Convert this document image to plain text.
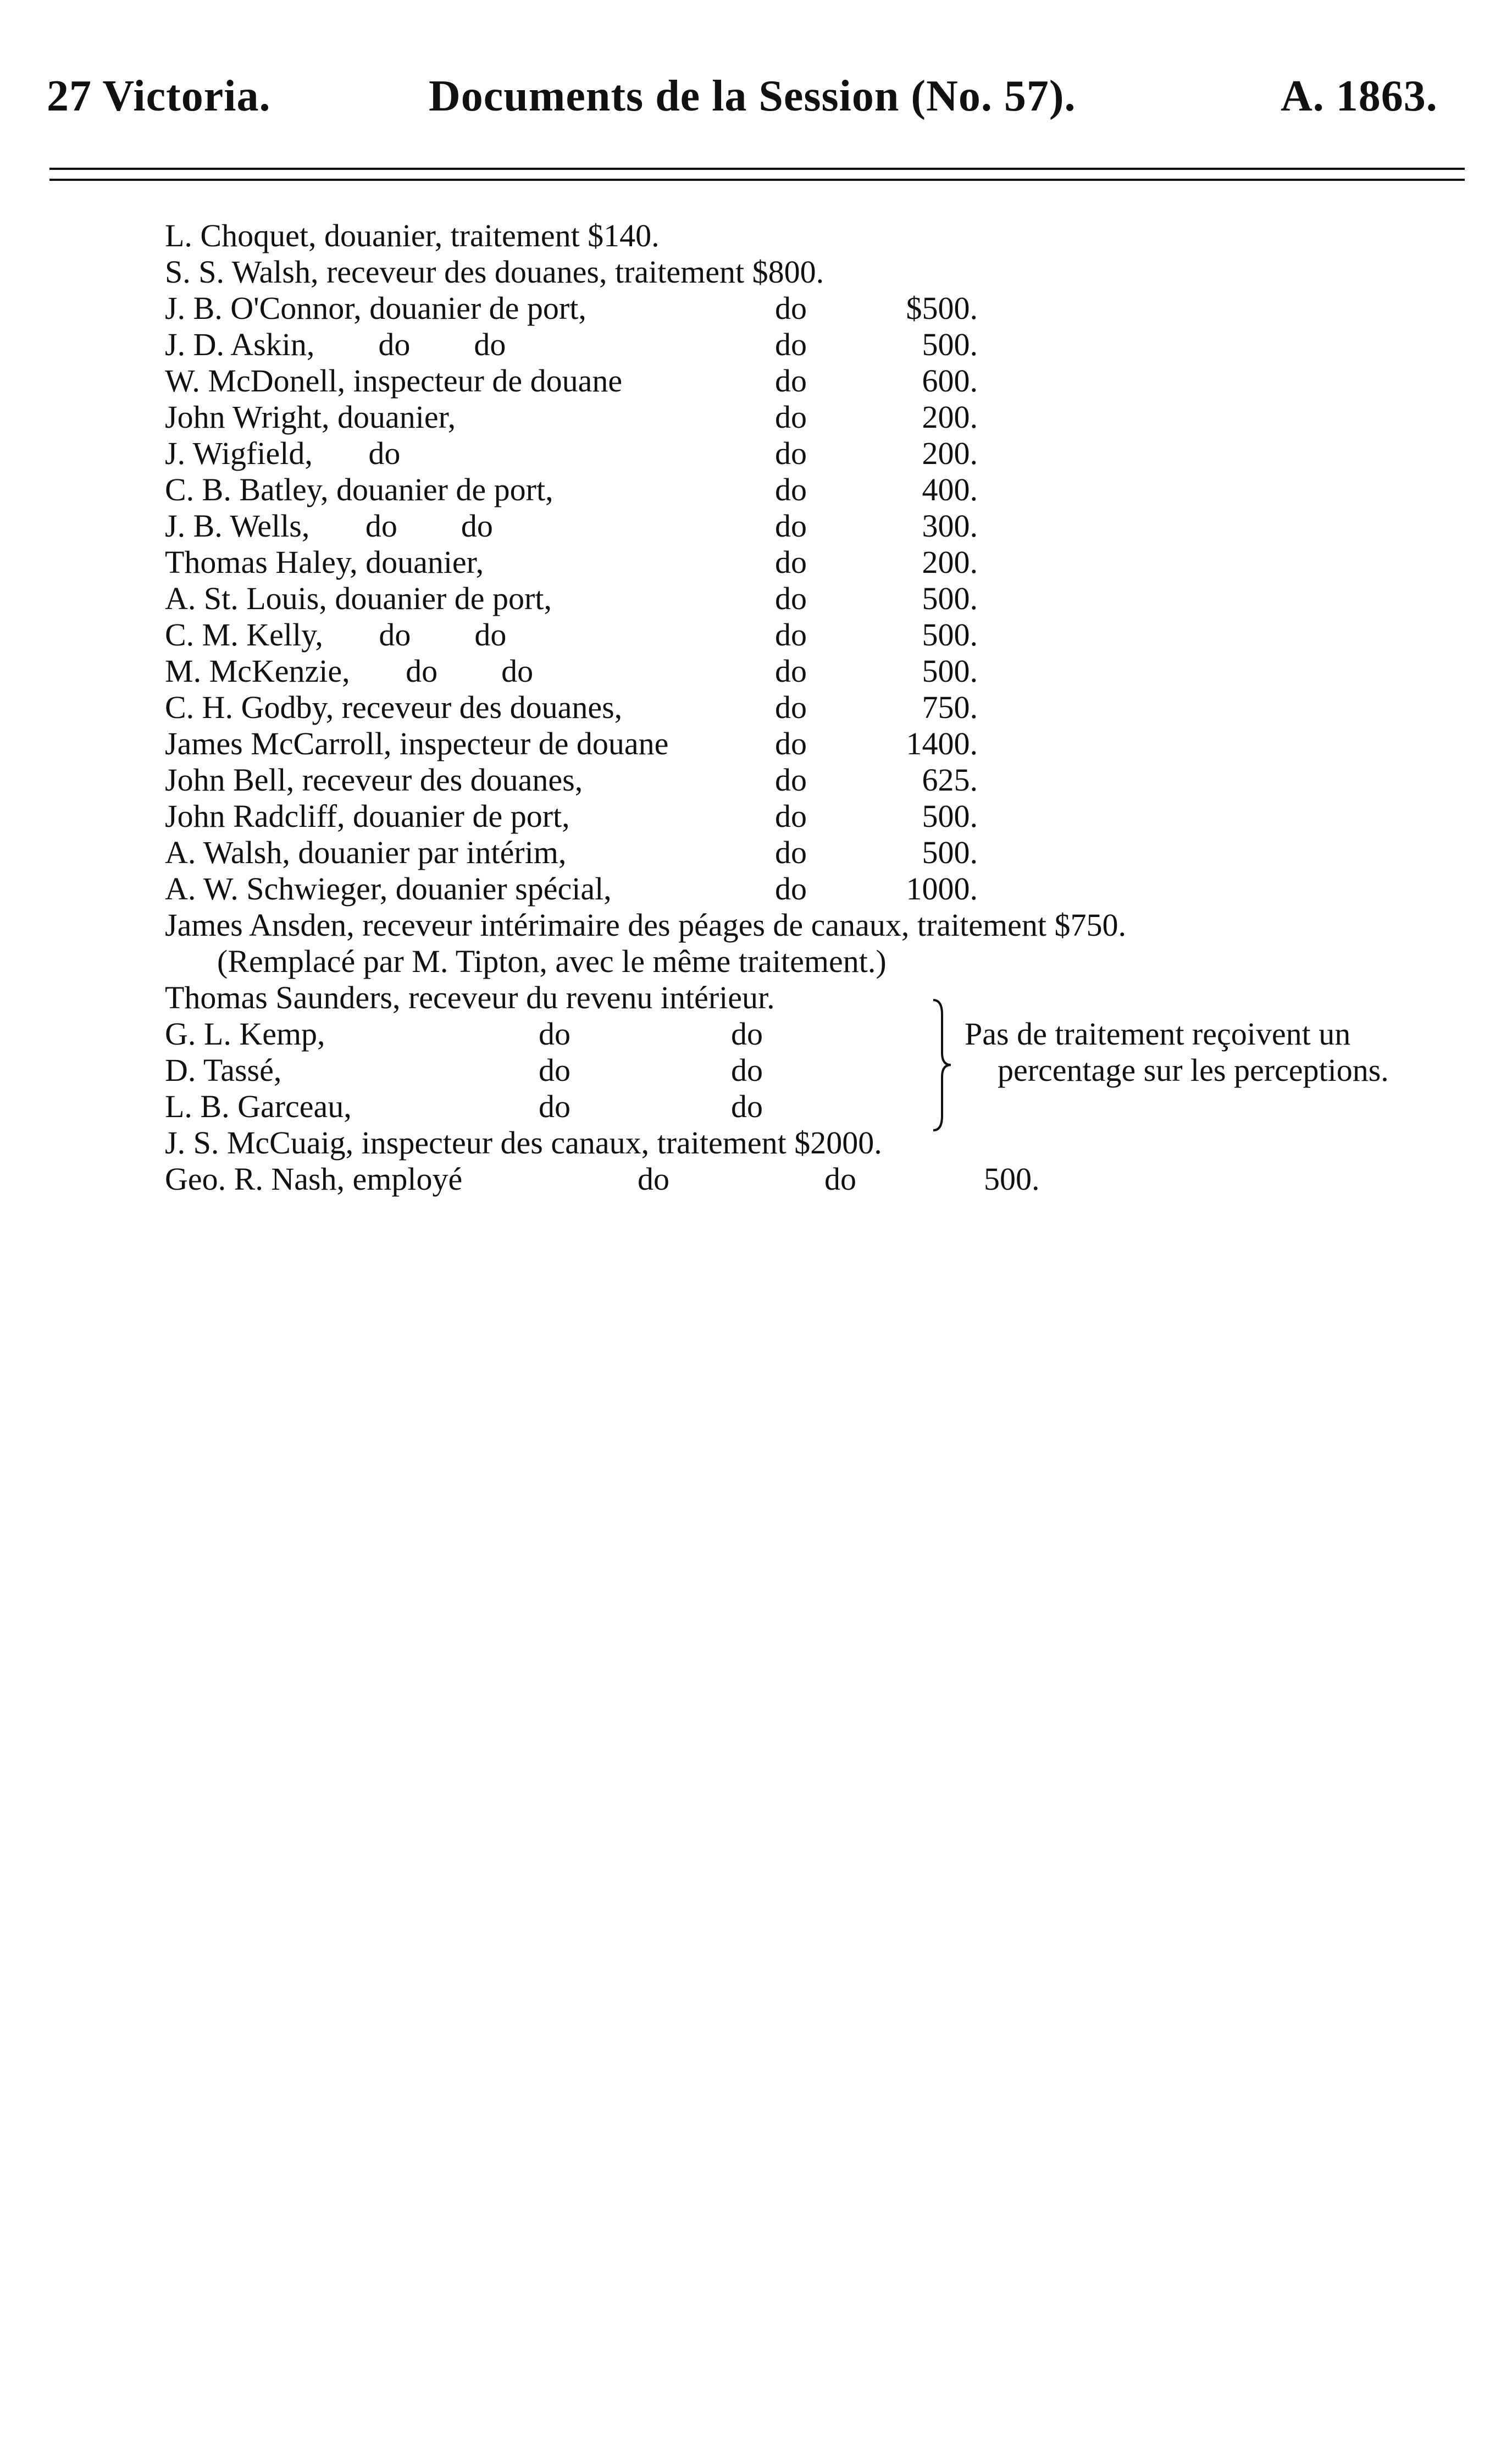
27 Victoria.	Documents de la Session (No. 57).	A. 1863.
L. Choquet, douanier, traitement $140.
S. S. Walsh, receveur des douanes, traitement $800.
J. B. O'Connor, douanier de port,	do	$500.
J. D. Askin,        do        do	do	500.
W. McDonell, inspecteur de douane	do	600.
John Wright, douanier,	do	200.
J. Wigfield,       do	do	200.
C. B. Batley, douanier de port,	do	400.
J. B. Wells,       do        do	do	300.
Thomas Haley, douanier,	do	200.
A. St. Louis, douanier de port,	do	500.
C. M. Kelly,       do        do	do	500.
M. McKenzie,       do        do	do	500.
C. H. Godby, receveur des douanes,	do	750.
James McCarroll, inspecteur de douane	do	1400.
John Bell, receveur des douanes,	do	625.
John Radcliff, douanier de port,	do	500.
A. Walsh, douanier par intérim,	do	500.
A. W. Schwieger, douanier spécial,	do	1000.
James Ansden, receveur intérimaire des péages de canaux, traitement $750.
(Remplacé par M. Tipton, avec le même traitement.)
Thomas Saunders, receveur du revenu intérieur.
G. L. Kemp,	do	do
D. Tassé,	do	do
L. B. Garceau,	do	do
Pas de traitement reçoivent un
percentage sur les perceptions.
J. S. McCuaig, inspecteur des canaux, traitement $2000.
Geo. R. Nash, employé	do	do	500.
